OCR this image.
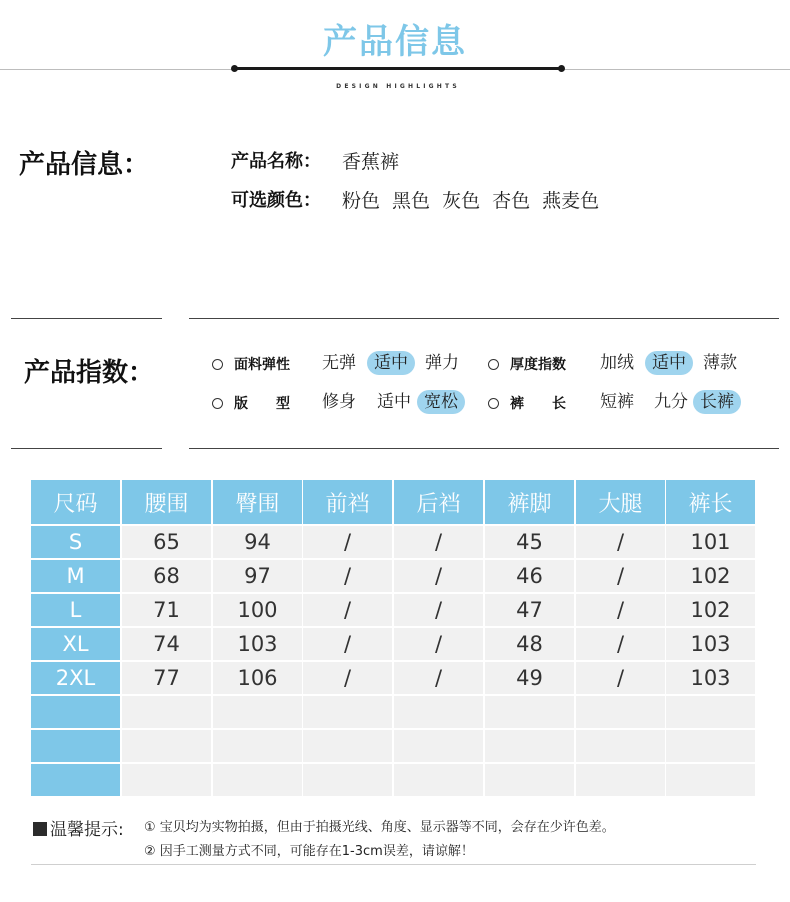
产品信息
DESIGN HIGHLIGHTS
产品信息：	产品名称： 香蕉裤
可选颜色： 粉色 黑色 灰色 杏色 燕麦色
产品指数：	面料弹性 无弹	适中	弹力	厚度指数 加绒	适中	薄款
版　　型 修身 适中 宽松	裤　　长 短裤 九分 长裤
尺码	腰围	臀围	前裆	后裆	裤脚	大腿	裤长
S	65	94	/	/	45	/	101
M	68	97	/	/	46	/	102
L	71	100	/	/	47	/	102
XL	74	103	/	/	48	/	103
2XL	77	106	/	/	49	/	103
温馨提示: ① 宝贝均为实物拍摄，但由于拍摄光线、角度、显示器等不同，会存在少许色差。
② 因手工测量方式不同，可能存在1-3cm误差，请谅解！
